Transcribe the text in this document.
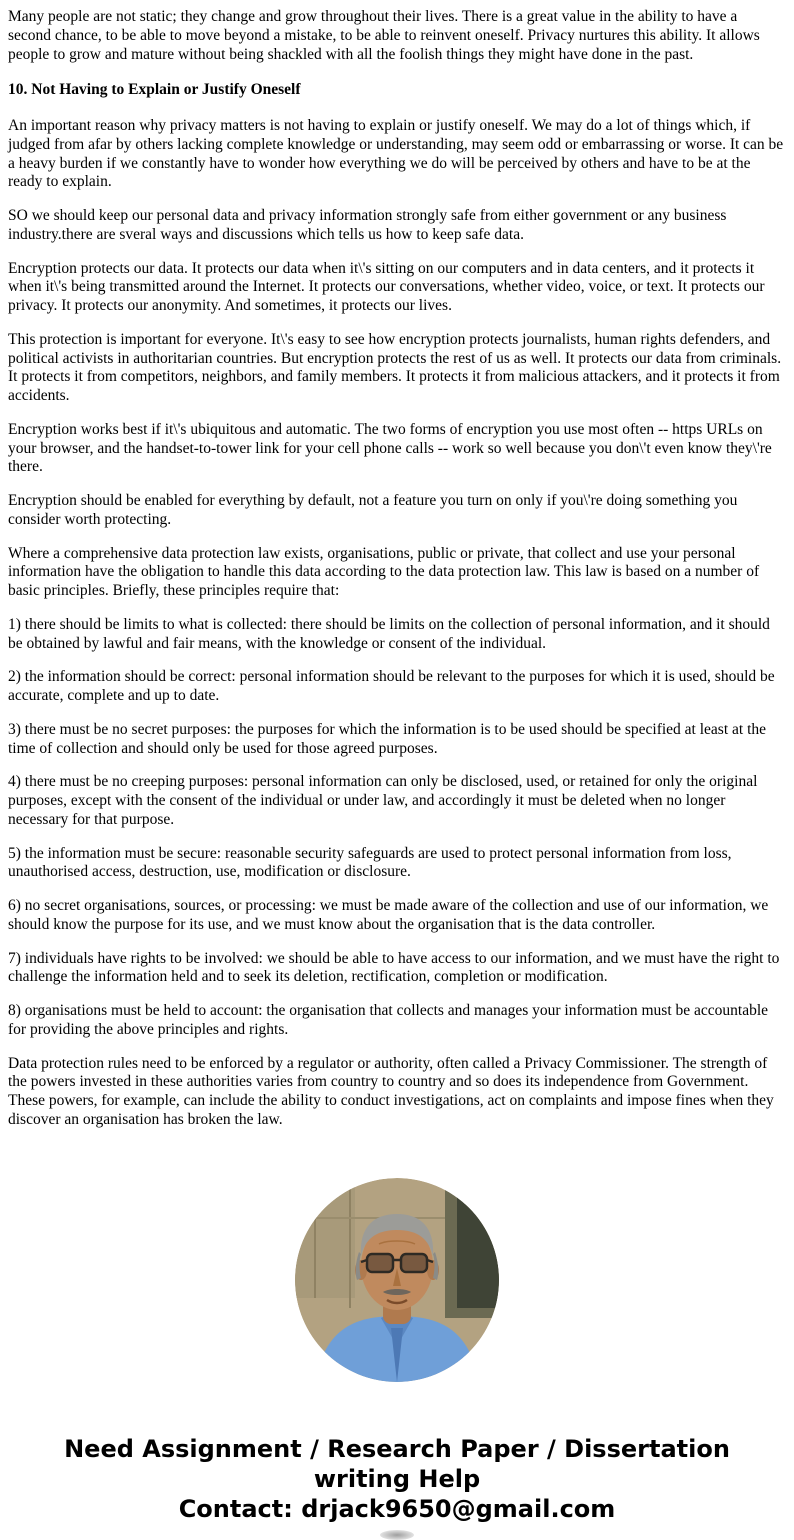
Many people are not static; they change and grow throughout their lives. There is a great value in the ability to have a second chance, to be able to move beyond a mistake, to be able to reinvent oneself. Privacy nurtures this ability. It allows people to grow and mature without being shackled with all the foolish things they might have done in the past.

10. Not Having to Explain or Justify Oneself

An important reason why privacy matters is not having to explain or justify oneself. We may do a lot of things which, if judged from afar by others lacking complete knowledge or understanding, may seem odd or embarrassing or worse. It can be a heavy burden if we constantly have to wonder how everything we do will be perceived by others and have to be at the ready to explain.

SO we should keep our personal data and privacy information strongly safe from either government or any business industry.there are sveral ways and discussions which tells us how to keep safe data.

Encryption protects our data. It protects our data when it\'s sitting on our computers and in data centers, and it protects it when it\'s being transmitted around the Internet. It protects our conversations, whether video, voice, or text. It protects our privacy. It protects our anonymity. And sometimes, it protects our lives.

This protection is important for everyone. It\'s easy to see how encryption protects journalists, human rights defenders, and political activists in authoritarian countries. But encryption protects the rest of us as well. It protects our data from criminals. It protects it from competitors, neighbors, and family members. It protects it from malicious attackers, and it protects it from accidents.

Encryption works best if it\'s ubiquitous and automatic. The two forms of encryption you use most often -- https URLs on your browser, and the handset-to-tower link for your cell phone calls -- work so well because you don\'t even know they\'re there.

Encryption should be enabled for everything by default, not a feature you turn on only if you\'re doing something you consider worth protecting.

Where a comprehensive data protection law exists, organisations, public or private, that collect and use your personal information have the obligation to handle this data according to the data protection law. This law is based on a number of basic principles. Briefly, these principles require that:

1) there should be limits to what is collected: there should be limits on the collection of personal information, and it should be obtained by lawful and fair means, with the knowledge or consent of the individual.

2) the information should be correct: personal information should be relevant to the purposes for which it is used, should be accurate, complete and up to date.

3) there must be no secret purposes: the purposes for which the information is to be used should be specified at least at the time of collection and should only be used for those agreed purposes.

4) there must be no creeping purposes: personal information can only be disclosed, used, or retained for only the original purposes, except with the consent of the individual or under law, and accordingly it must be deleted when no longer necessary for that purpose.

5) the information must be secure: reasonable security safeguards are used to protect personal information from loss, unauthorised access, destruction, use, modification or disclosure.

6) no secret organisations, sources, or processing: we must be made aware of the collection and use of our information, we should know the purpose for its use, and we must know about the organisation that is the data controller.

7) individuals have rights to be involved: we should be able to have access to our information, and we must have the right to challenge the information held and to seek its deletion, rectification, completion or modification.

8) organisations must be held to account: the organisation that collects and manages your information must be accountable for providing the above principles and rights.

Data protection rules need to be enforced by a regulator or authority, often called a Privacy Commissioner. The strength of the powers invested in these authorities varies from country to country and so does its independence from Government. These powers, for example, can include the ability to conduct investigations, act on complaints and impose fines when they discover an organisation has broken the law.

Need Assignment / Research Paper / Dissertation writing Help
Contact: drjack9650@gmail.com
